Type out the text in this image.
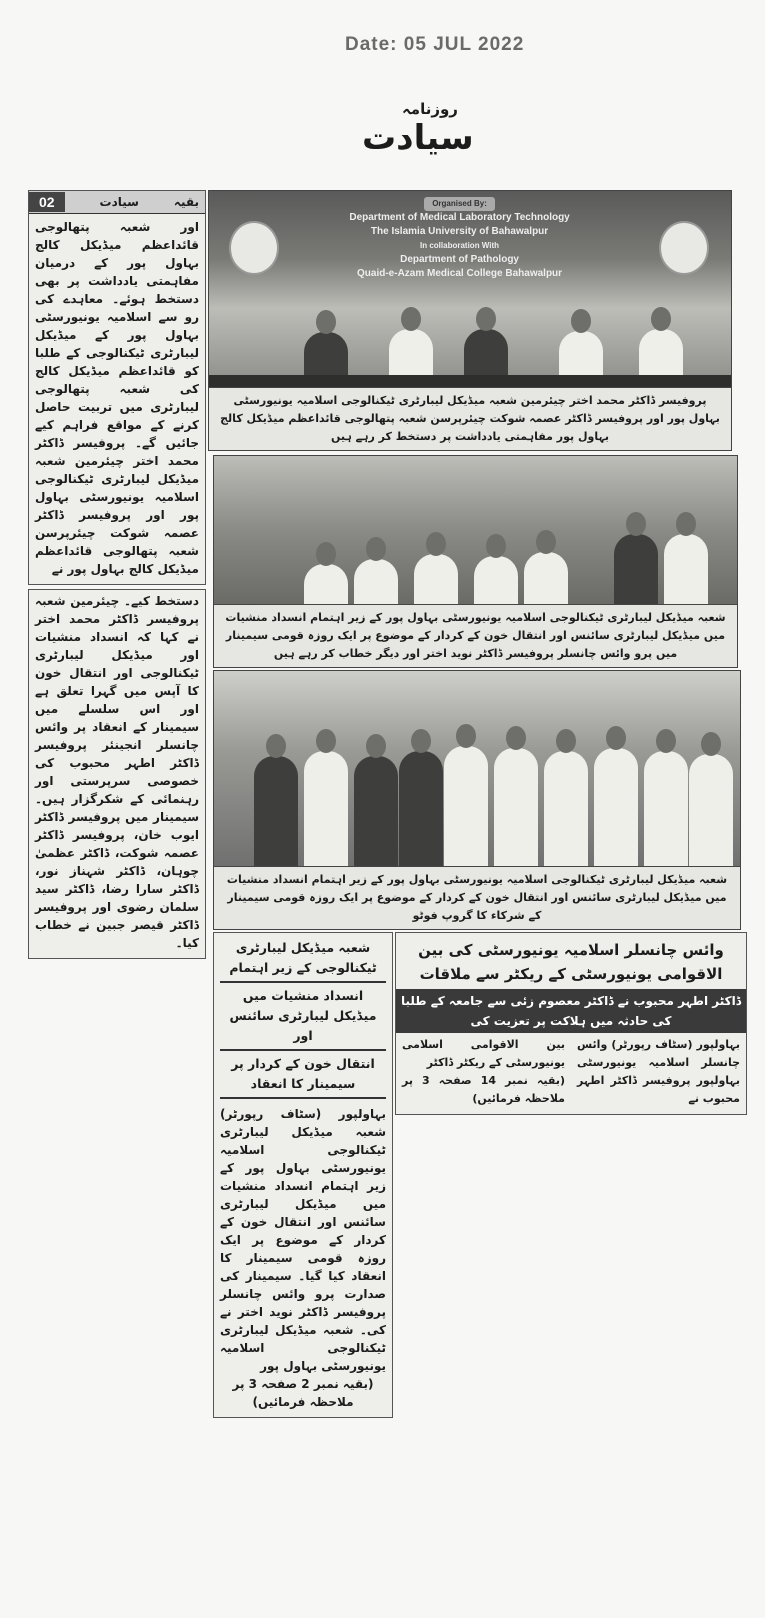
Date: 05 JUL 2022
روزنامہ
سیادت
02	سیادت	بقیہ

اور شعبہ پتھالوجی قائداعظم میڈیکل کالج بہاول پور کے درمیان مفاہمتی یادداشت پر بھی دستخط ہوئے۔ معاہدے کی رو سے اسلامیہ یونیورسٹی بہاول پور کے میڈیکل لیبارٹری ٹیکنالوجی کے طلبا کو قائداعظم میڈیکل کالج کی شعبہ پتھالوجی لیبارٹری میں تربیت حاصل کرنے کے مواقع فراہم کیے جائیں گے۔ پروفیسر ڈاکٹر محمد اختر چیئرمین شعبہ میڈیکل لیبارٹری ٹیکنالوجی اسلامیہ یونیورسٹی بہاول پور اور پروفیسر ڈاکٹر عصمہ شوکت چیئرپرسن شعبہ پتھالوجی قائداعظم میڈیکل کالج بہاول پور نے

دستخط کیے۔ چیئرمین شعبہ پروفیسر ڈاکٹر محمد اختر نے کہا کہ انسداد منشیات اور میڈیکل لیبارٹری ٹیکنالوجی اور انتقال خون کا آپس میں گہرا تعلق ہے اور اس سلسلے میں سیمینار کے انعقاد پر وائس چانسلر انجینئر پروفیسر ڈاکٹر اطہر محبوب کی خصوصی سرپرستی اور رہنمائی کے شکرگزار ہیں۔ سیمینار میں پروفیسر ڈاکٹر ایوب خان، پروفیسر ڈاکٹر عصمہ شوکت، ڈاکٹر عظمیٰ چوہان، ڈاکٹر شہناز نور، ڈاکٹر سارا رضا، ڈاکٹر سید سلمان رضوی اور پروفیسر ڈاکٹر قیصر جبین نے خطاب کیا۔

Organised By:
Department of Medical Laboratory Technology
The Islamia University of Bahawalpur
In collaboration With
Department of Pathology
Quaid-e-Azam Medical College Bahawalpur
پروفیسر ڈاکٹر محمد اختر چیئرمین شعبہ میڈیکل لیبارٹری ٹیکنالوجی اسلامیہ یونیورسٹی بہاول پور اور پروفیسر ڈاکٹر عصمہ شوکت چیئرپرسن شعبہ پتھالوجی قائداعظم میڈیکل کالج بہاول پور مفاہمتی یادداشت پر دستخط کر رہے ہیں
شعبہ میڈیکل لیبارٹری ٹیکنالوجی اسلامیہ یونیورسٹی بہاول پور کے زیر اہتمام انسداد منشیات میں میڈیکل لیبارٹری سائنس اور انتقال خون کے کردار کے موضوع پر ایک روزہ قومی سیمینار میں پرو وائس چانسلر پروفیسر ڈاکٹر نوید اختر اور دیگر خطاب کر رہے ہیں
شعبہ میڈیکل لیبارٹری ٹیکنالوجی اسلامیہ یونیورسٹی بہاول پور کے زیر اہتمام انسداد منشیات میں میڈیکل لیبارٹری سائنس اور انتقال خون کے کردار کے موضوع پر ایک روزہ قومی سیمینار کے شرکاء کا گروپ فوٹو
شعبہ میڈیکل لیبارٹری ٹیکنالوجی کے زیر اہتمام
انسداد منشیات میں میڈیکل لیبارٹری سائنس اور
انتقال خون کے کردار پر سیمینار کا انعقاد

بہاولپور (سٹاف رپورٹر) شعبہ میڈیکل لیبارٹری ٹیکنالوجی اسلامیہ یونیورسٹی بہاول پور کے زیر اہتمام انسداد منشیات میں میڈیکل لیبارٹری سائنس اور انتقال خون کے کردار کے موضوع پر ایک روزہ قومی سیمینار کا انعقاد کیا گیا۔ سیمینار کی صدارت پرو وائس چانسلر پروفیسر ڈاکٹر نوید اختر نے کی۔ شعبہ میڈیکل لیبارٹری ٹیکنالوجی اسلامیہ یونیورسٹی بہاول پور

(بقیہ نمبر 2 صفحہ 3 پر ملاحظہ فرمائیں)

وائس چانسلر اسلامیہ یونیورسٹی کی بین الاقوامی یونیورسٹی کے ریکٹر سے ملاقات
ڈاکٹر اطہر محبوب نے ڈاکٹر معصوم زئی سے جامعہ کے طلبا کی حادثہ میں ہلاکت پر تعزیت کی

بہاولپور (سٹاف رپورٹر) وائس چانسلر اسلامیہ یونیورسٹی بہاولپور پروفیسر ڈاکٹر اطہر محبوب نے

بین الاقوامی اسلامی یونیورسٹی کے ریکٹر ڈاکٹر

(بقیہ نمبر 14 صفحہ 3 پر ملاحظہ فرمائیں)
